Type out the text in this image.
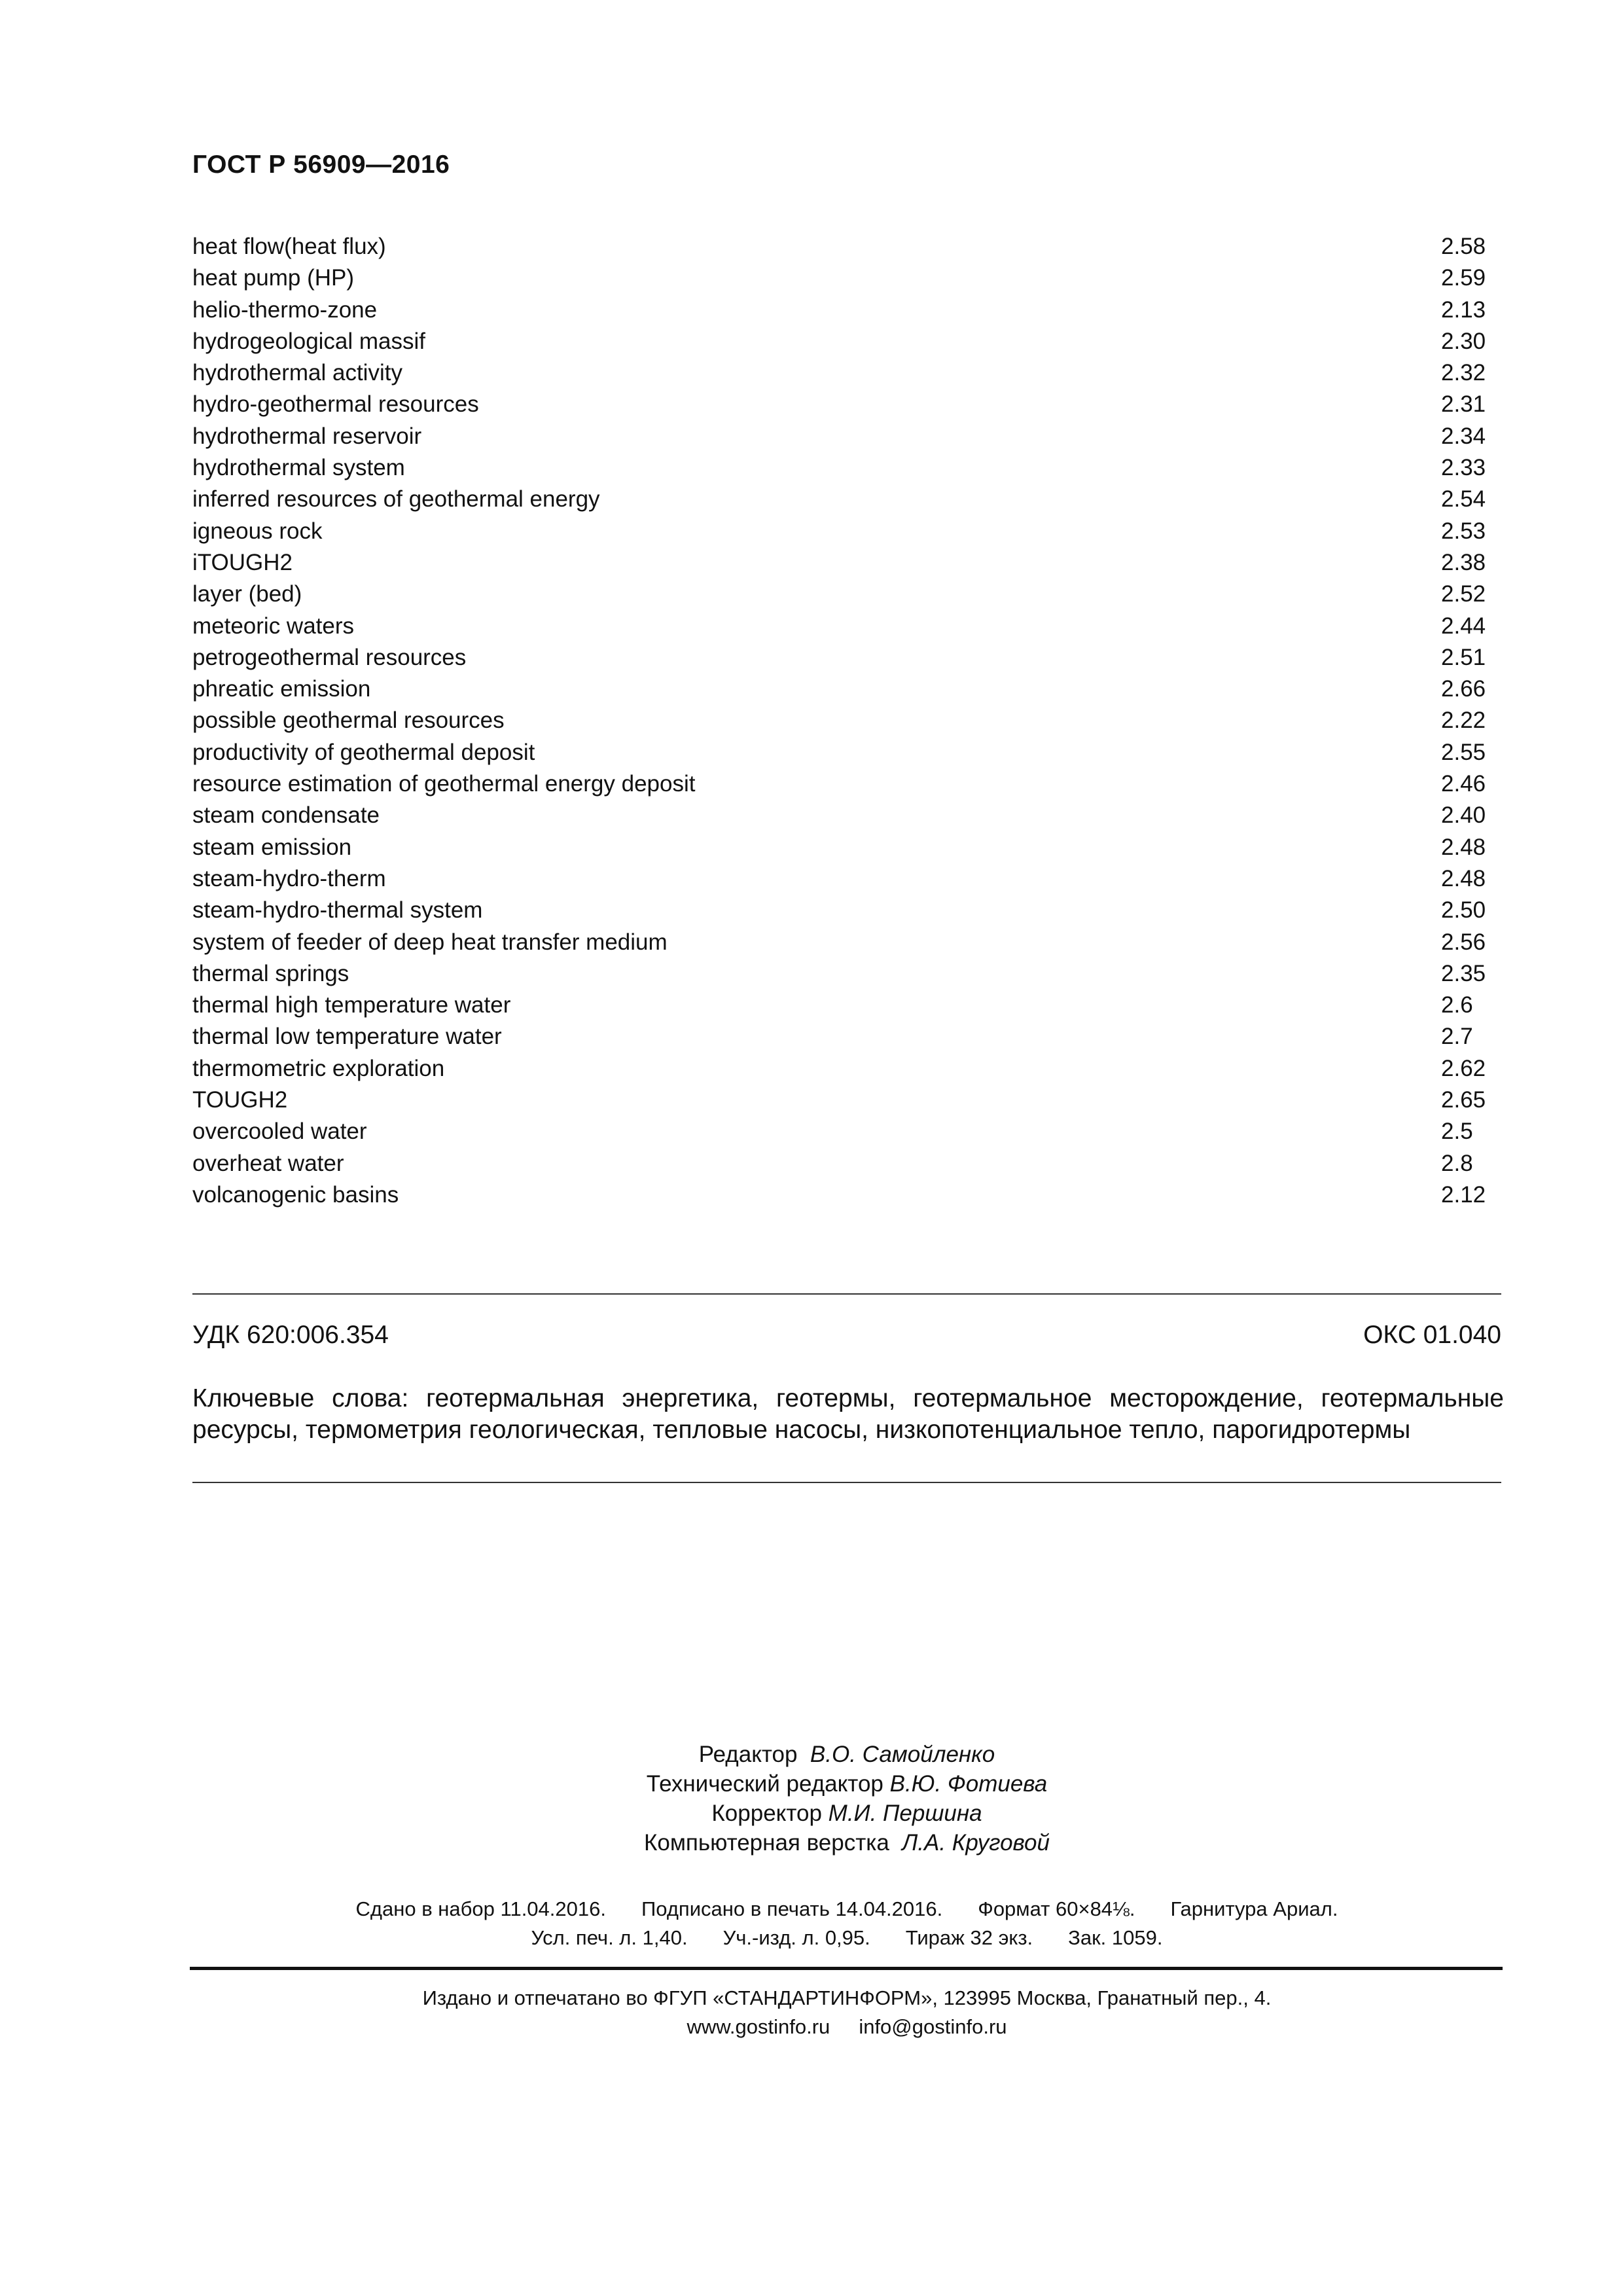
ГОСТ Р 56909—2016
heat flow(heat flux)	2.58
heat pump (HP)	2.59
helio-thermo-zone	2.13
hydrogeological massif	2.30
hydrothermal activity	2.32
hydro-geothermal resources	2.31
hydrothermal reservoir	2.34
hydrothermal system	2.33
inferred resources of geothermal energy	2.54
igneous rock	2.53
iTOUGH2	2.38
layer (bed)	2.52
meteoric waters	2.44
petrogeothermal resources	2.51
phreatic emission	2.66
possible geothermal resources	2.22
productivity of geothermal deposit	2.55
resource estimation of geothermal energy deposit	2.46
steam condensate	2.40
steam emission	2.48
steam-hydro-therm	2.48
steam-hydro-thermal system	2.50
system of feeder of deep heat transfer medium	2.56
thermal springs	2.35
thermal high temperature water	2.6
thermal low temperature water	2.7
thermometric exploration	2.62
TOUGH2	2.65
overcooled water	2.5
overheat water	2.8
volcanogenic basins	2.12
УДК 620:006.354	ОКС 01.040
Ключевые слова: геотермальная энергетика, геотермы, геотермальное месторождение, геотермальные ресурсы, термометрия геологическая, тепловые насосы, низкопотенциальное тепло, парогидротермы
Редактор В.О. Самойленко
Технический редактор В.Ю. Фотиева
Корректор М.И. Першина
Компьютерная верстка Л.А. Круговой
Сдано в набор 11.04.2016. Подписано в печать 14.04.2016. Формат 60×84⅛. Гарнитура Ариал.
Усл. печ. л. 1,40. Уч.-изд. л. 0,95. Тираж 32 экз. Зак. 1059.
Издано и отпечатано во ФГУП «СТАНДАРТИНФОРМ», 123995 Москва, Гранатный пер., 4.
www.gostinfo.ru info@gostinfo.ru
